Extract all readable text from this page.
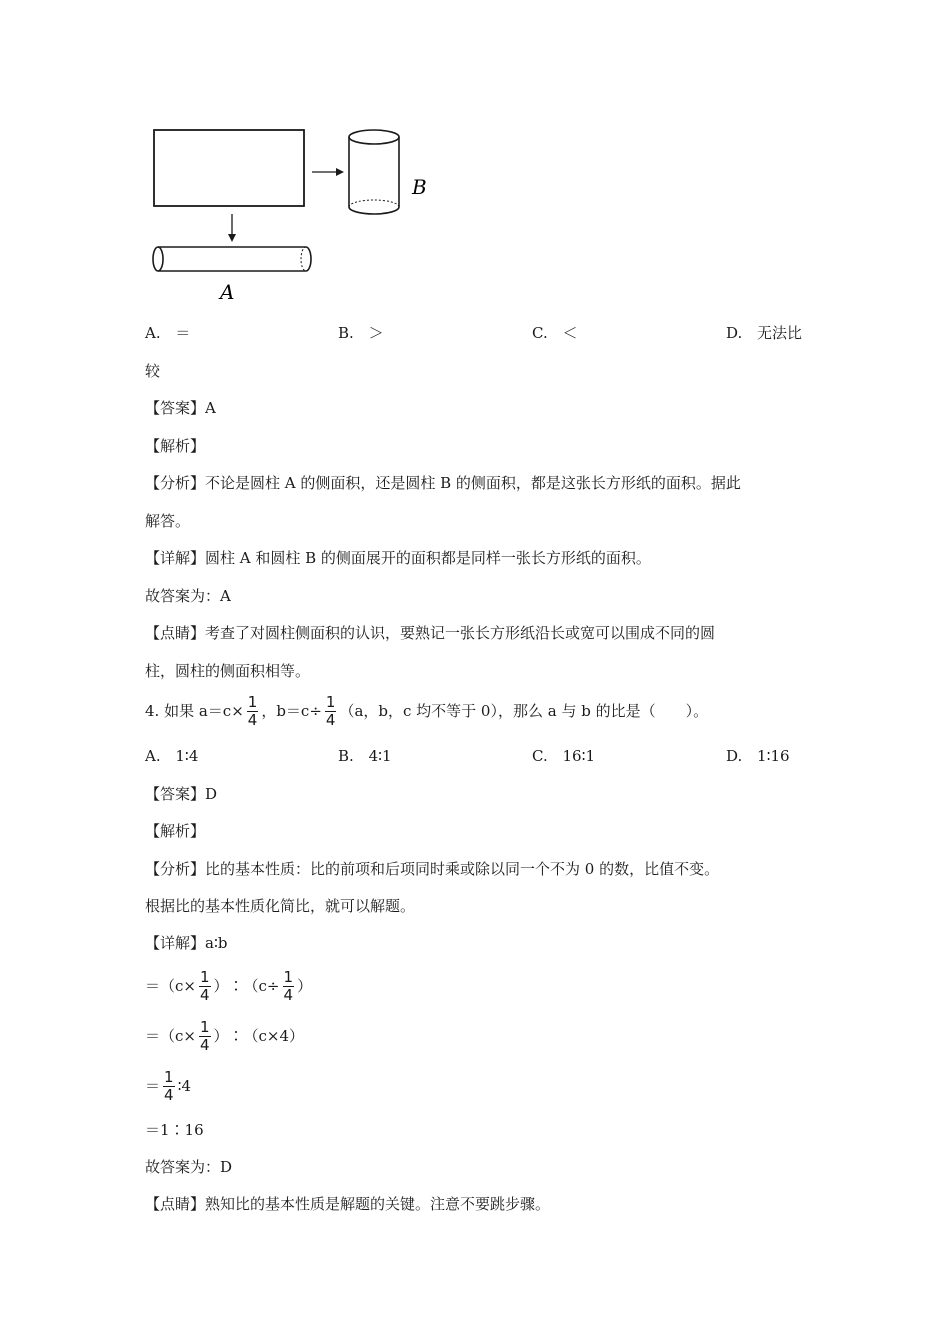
B
A
A. ＝	B. ＞	C. ＜	D. 无法比
较
【答案】A
【解析】
【分析】不论是圆柱 A 的侧面积，还是圆柱 B 的侧面积，都是这张长方形纸的面积。据此
解答。
【详解】圆柱 A 和圆柱 B 的侧面展开的面积都是同样一张长方形纸的面积。
故答案为：A
【点睛】考查了对圆柱侧面积的认识，要熟记一张长方形纸沿长或宽可以围成不同的圆
柱，圆柱的侧面积相等。
4. 如果 $a=c\times \frac{1}{4}$ ，$b=c\div \frac{1}{4} (a$，b，c 均不等于 0），那么 a 与 b 的比是（　　）。
A. 1∶4	B. 4∶1	C. 16∶1	D. 1∶16
【答案】D
【解析】
【分析】比的基本性质：比的前项和后项同时乘或除以同一个不为 0 的数，比值不变。
根据比的基本性质化简比，就可以解题。
【详解】a∶b
$=(c\times \frac{1}{4}$ ）∶（c÷ $\frac{1}{4}$ ）
$=(c\times \frac{1}{4}$ ）∶（c×4）
＝ $\frac{1}{4}$ ∶4
＝1∶16
故答案为：D
【点睛】熟知比的基本性质是解题的关键。注意不要跳步骤。
